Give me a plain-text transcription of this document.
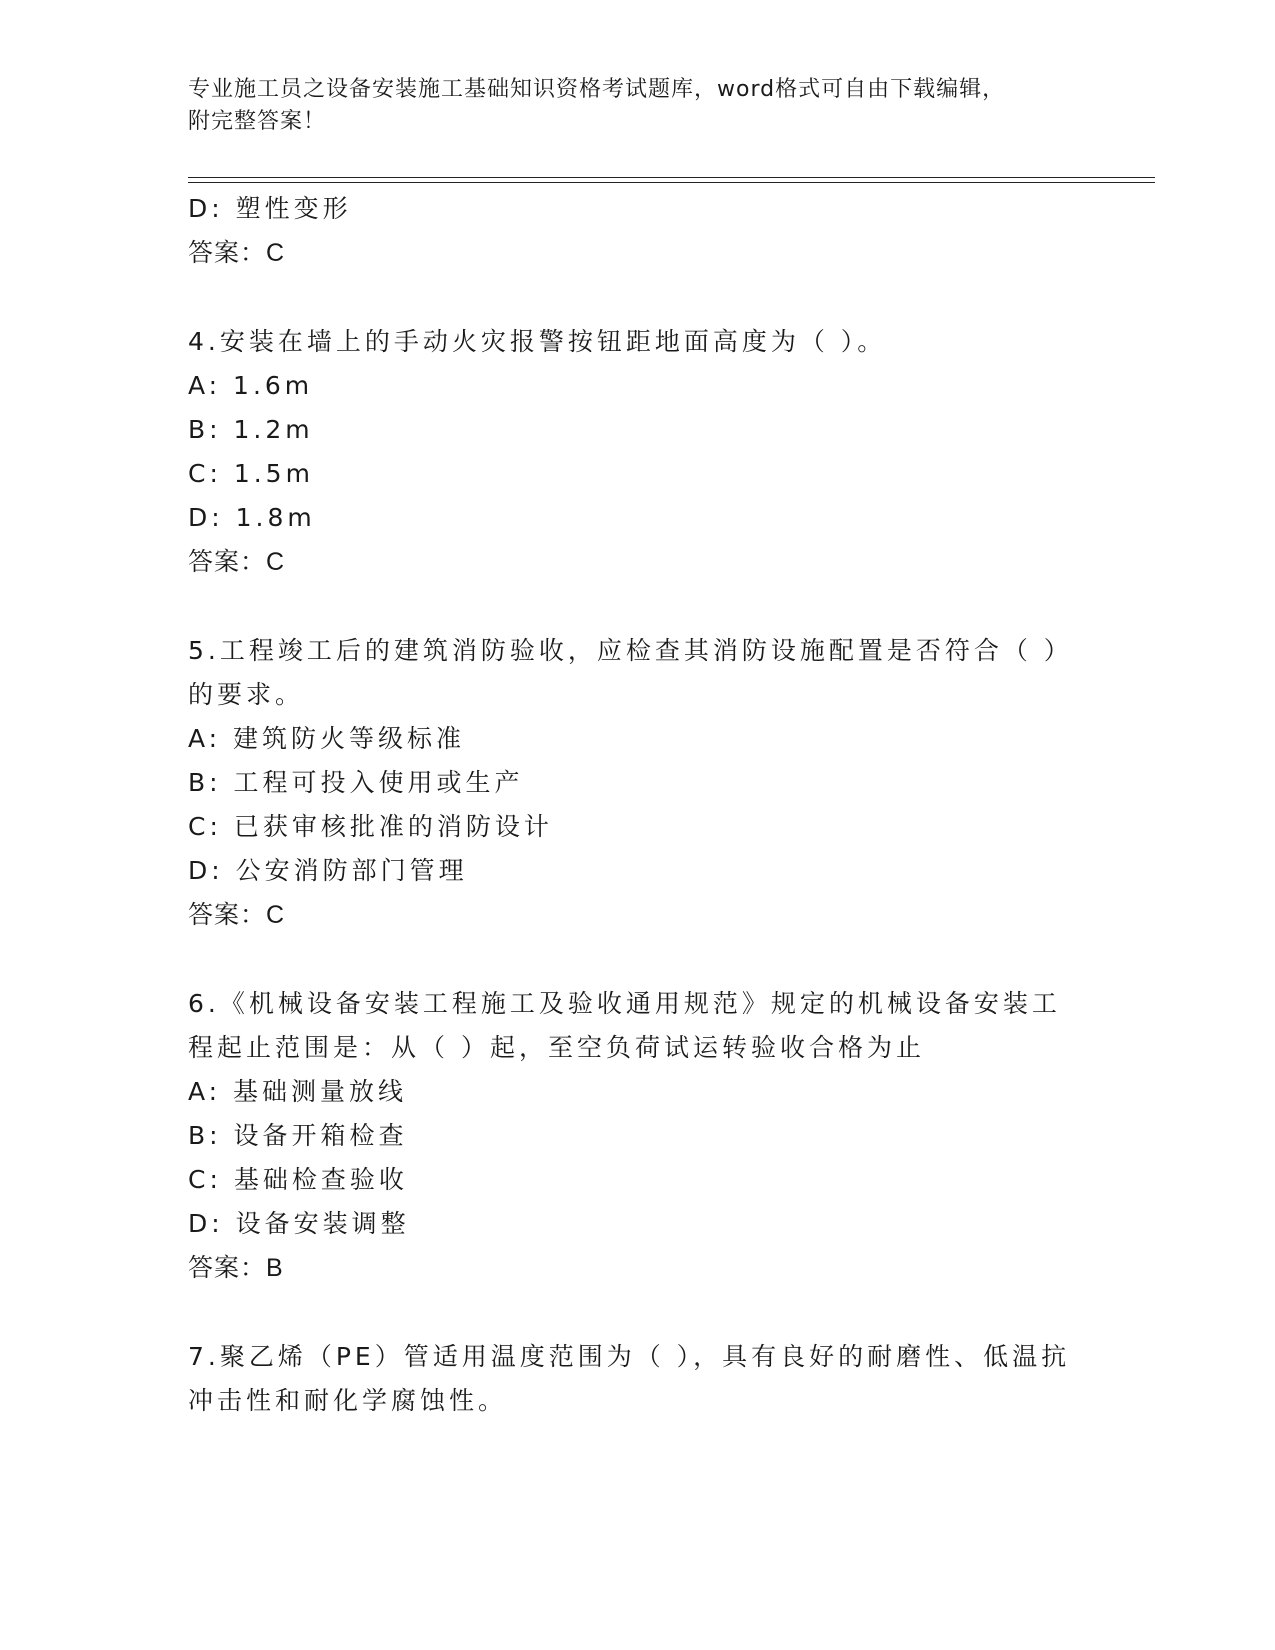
专业施工员之设备安装施工基础知识资格考试题库，word格式可自由下载编辑，
附完整答案！
D: 塑性变形
答案：C
4.安装在墙上的手动火灾报警按钮距地面高度为（ ）。
A: 1.6m
B: 1.2m
C: 1.5m
D: 1.8m
答案：C
5.工程竣工后的建筑消防验收，应检查其消防设施配置是否符合（ ）
的要求。
A: 建筑防火等级标准
B: 工程可投入使用或生产
C: 已获审核批准的消防设计
D: 公安消防部门管理
答案：C
6.《机械设备安装工程施工及验收通用规范》规定的机械设备安装工
程起止范围是：从（ ）起，至空负荷试运转验收合格为止
A: 基础测量放线
B: 设备开箱检查
C: 基础检查验收
D: 设备安装调整
答案：B
7.聚乙烯（PE）管适用温度范围为（ ），具有良好的耐磨性、低温抗
冲击性和耐化学腐蚀性。
